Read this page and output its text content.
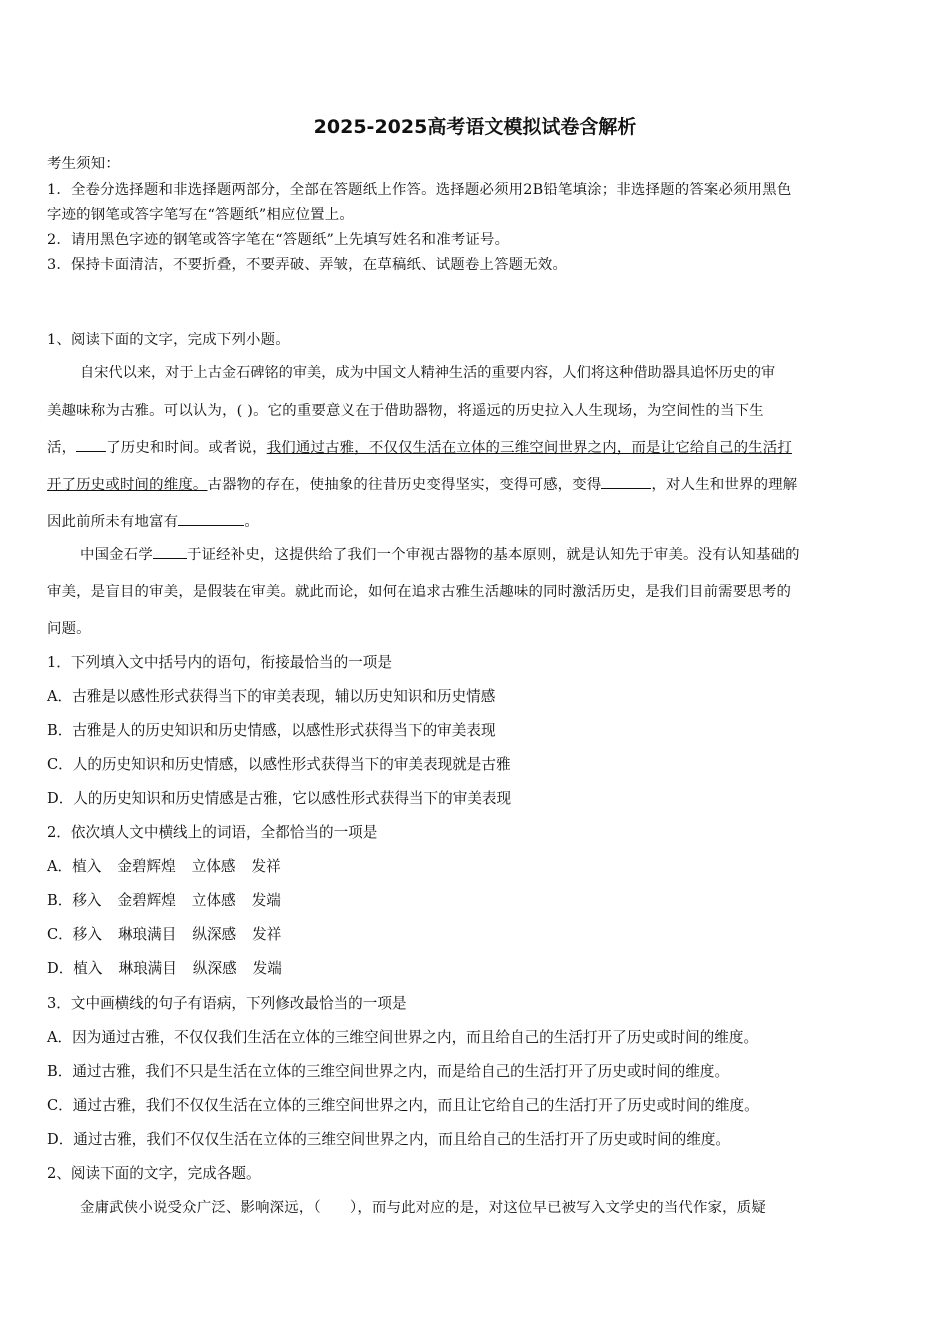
2025-2025高考语文模拟试卷含解析
考生须知：
1．全卷分选择题和非选择题两部分，全部在答题纸上作答。选择题必须用2B铅笔填涂；非选择题的答案必须用黑色
字迹的钢笔或答字笔写在“答题纸”相应位置上。
2．请用黑色字迹的钢笔或答字笔在“答题纸”上先填写姓名和准考证号。
3．保持卡面清洁，不要折叠，不要弄破、弄皱，在草稿纸、试题卷上答题无效。
1、阅读下面的文字，完成下列小题。
自宋代以来，对于上古金石碑铭的审美，成为中国文人精神生活的重要内容，人们将这种借助器具追怀历史的审
美趣味称为古雅。可以认为，( )。它的重要意义在于借助器物，将遥远的历史拉入人生现场，为空间性的当下生
活， 了历史和时间。或者说，我们通过古雅，不仅仅生活在立体的三维空间世界之内，而是让它给自己的生活打
开了历史或时间的维度。古器物的存在，使抽象的往昔历史变得坚实，变得可感，变得	，对人生和世界的理解
因此前所未有地富有	。
中国金石学 于证经补史，这提供给了我们一个审视古器物的基本原则，就是认知先于审美。没有认知基础的
审美，是盲目的审美，是假装在审美。就此而论，如何在追求古雅生活趣味的同时激活历史，是我们目前需要思考的
问题。
1．下列填入文中括号内的语句，衔接最恰当的一项是
A．古雅是以感性形式获得当下的审美表现，辅以历史知识和历史情感
B．古雅是人的历史知识和历史情感，以感性形式获得当下的审美表现
C．人的历史知识和历史情感，以感性形式获得当下的审美表现就是古雅
D．人的历史知识和历史情感是古雅，它以感性形式获得当下的审美表现
2．依次填人文中横线上的词语，全都恰当的一项是
A．植入 金碧辉煌 立体感 发祥
B．移入 金碧辉煌 立体感 发端
C．移入 琳琅满目 纵深感 发祥
D．植入 琳琅满目 纵深感 发端
3．文中画横线的句子有语病，下列修改最恰当的一项是
A．因为通过古雅，不仅仅我们生活在立体的三维空间世界之内，而且给自己的生活打开了历史或时间的维度。
B．通过古雅，我们不只是生活在立体的三维空间世界之内，而是给自己的生活打开了历史或时间的维度。
C．通过古雅，我们不仅仅生活在立体的三维空间世界之内，而且让它给自己的生活打开了历史或时间的维度。
D．通过古雅，我们不仅仅生活在立体的三维空间世界之内，而且给自己的生活打开了历史或时间的维度。
2、阅读下面的文字，完成各题。
金庸武侠小说受众广泛、影响深远，（　　），而与此对应的是，对这位早已被写入文学史的当代作家，质疑
